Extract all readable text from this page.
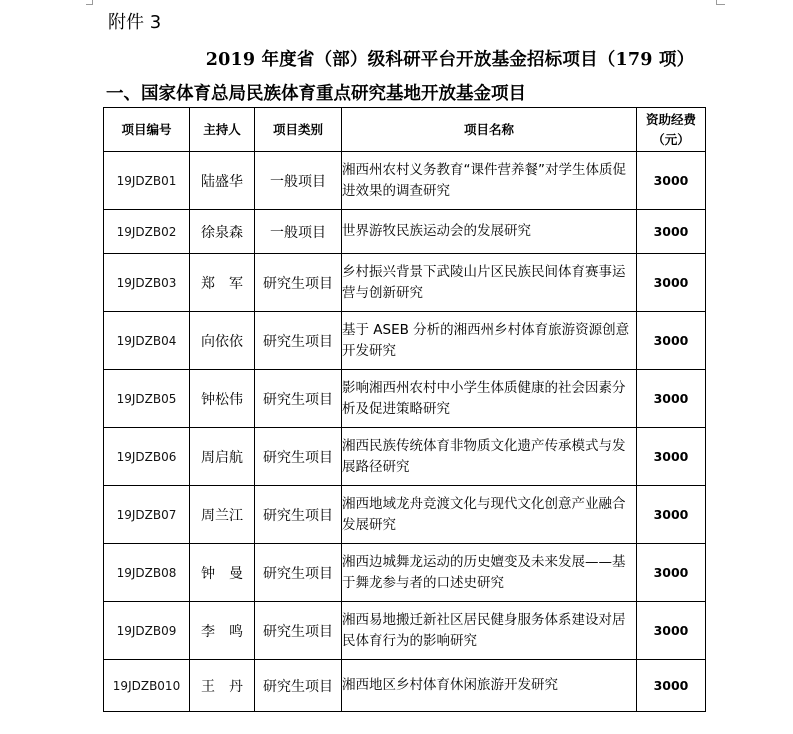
附件 3
2019 年度省（部）级科研平台开放基金招标项目（179 项）
一、国家体育总局民族体育重点研究基地开放基金项目
项目编号	主持人	项目类别	项目名称	资助经费（元）
19JDZB01	陆盛华	一般项目	湘西州农村义务教育“课件营养餐”对学生体质促进效果的调查研究	3000
19JDZB02	徐泉森	一般项目	世界游牧民族运动会的发展研究	3000
19JDZB03	郑　军	研究生项目	乡村振兴背景下武陵山片区民族民间体育赛事运营与创新研究	3000
19JDZB04	向依依	研究生项目	基于 ASEB 分析的湘西州乡村体育旅游资源创意开发研究	3000
19JDZB05	钟松伟	研究生项目	影响湘西州农村中小学生体质健康的社会因素分析及促进策略研究	3000
19JDZB06	周启航	研究生项目	湘西民族传统体育非物质文化遗产传承模式与发展路径研究	3000
19JDZB07	周兰江	研究生项目	湘西地域龙舟竞渡文化与现代文化创意产业融合发展研究	3000
19JDZB08	钟　曼	研究生项目	湘西边城舞龙运动的历史嬗变及未来发展——基于舞龙参与者的口述史研究	3000
19JDZB09	李　鸣	研究生项目	湘西易地搬迁新社区居民健身服务体系建设对居民体育行为的影响研究	3000
19JDZB010	王　丹	研究生项目	湘西地区乡村体育休闲旅游开发研究	3000
